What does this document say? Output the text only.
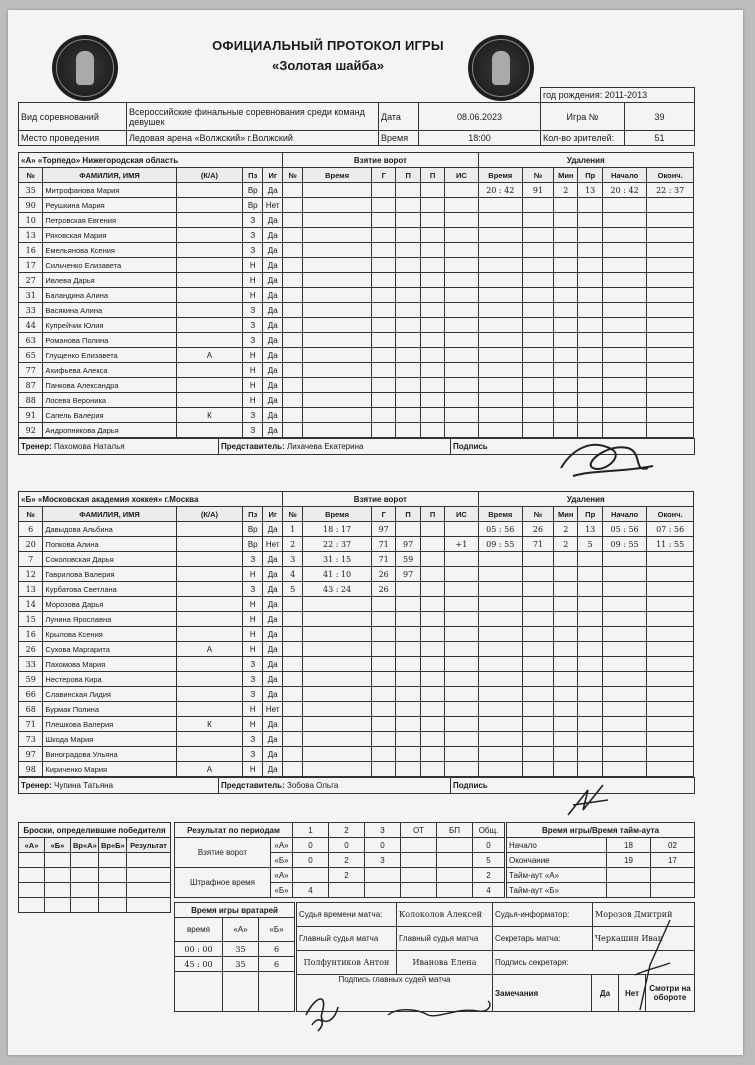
ОФИЦИАЛЬНЫЙ ПРОТОКОЛ ИГРЫ
«Золотая шайба»
				год рождения: 2011-2013	
Вид соревнований	Всероссийские финальные соревнования среди команд девушек	Дата	08.06.2023	Игра №	39
Место проведения	Ледовая арена «Волжский» г.Волжский	Время	18:00	Кол-во зрителей:	51
«А» «Торпедо» Нижегородская область					Взятие ворот						Удаления					
№	ФАМИЛИЯ, ИМЯ	(К/А)	Пз	Иг	№	Время	Г	П	П	ИС	Время	№	Мин	Пр	Начало	Оконч.
35	Митрофанова Мария		Вр	Да							20 : 42	91	2	13	20 : 42	22 : 37
90	Реушкина Мария		Вр	Нет												
10	Петровская Евгения		З	Да												
13	Ряховская Мария		З	Да												
16	Емельянова Ксения		З	Да												
17	Сильченко Елизавета		Н	Да												
27	Ивлева Дарья		Н	Да												
31	Баландина Алина		Н	Да												
33	Васякина Алина		З	Да												
44	Купрейчик Юлия		З	Да												
63	Романова Полина		З	Да												
65	Глущенко Елизавета	А	Н	Да												
77	Ахифьева Алекса		Н	Да												
87	Панкова Александра		Н	Да												
88	Лосева Вероника		Н	Да												
91	Сапель Валерия	К	З	Да												
92	Андропникова Дарья		З	Да												
Тренер: Пахомова Наталья	Представитель: Лихачева Екатерина	Подпись
«Б» «Московская академия хоккея» г.Москва					Взятие ворот						Удаления					
№	ФАМИЛИЯ, ИМЯ	(К/А)	Пз	Иг	№	Время	Г	П	П	ИС	Время	№	Мин	Пр	Начало	Оконч.
6	Давыдова Альбина		Вр	Да	1	18 : 17	97				05 : 56	26	2	13	05 : 56	07 : 56
20	Попкова Алина		Вр	Нет	2	22 : 37	71	97		+1	09 : 55	71	2	5	09 : 55	11 : 55
7	Соколовская Дарья		З	Да	3	31 : 15	71	59								
12	Гаврилова Валерия		Н	Да	4	41 : 10	26	97								
13	Курбатова Светлана		З	Да	5	43 : 24	26									
14	Морозова Дарья		Н	Да												
15	Лунина Ярославна		Н	Да												
16	Крылова Ксения		Н	Да												
26	Сухова Маргарита	А	Н	Да												
33	Пахомова Мария		З	Да												
59	Нестерова Кира		З	Да												
66	Славинская Лидия		З	Да												
68	Бурмак Полина		Н	Нет												
71	Плешкова Валерия	К	Н	Да												
73	Шкода Мария		З	Да												
97	Виноградова Ульяна		З	Да												
98	Кириченко Мария	А	Н	Да												
Тренер: Чупина Татьяна	Представитель: Зобова Ольга	Подпись
Броски, определившие победителя				
«А»	«Б»	Вр«А»	Вр«Б»	Результат

Результат по периодам		1	2	3	ОТ	БП	Общ.
Взятие ворот	«А»	0	0	0			0
	«Б»	0	2	3			5
Штрафное время	«А»		2				2
	«Б»	4					4
Время игры/Время тайм-аута		
Начало	18	02
Окончание	19	17
Тайм-аут «А»		
Тайм-аут «Б»		
Время игры вратарей		
время	«А»	«Б»
00 : 00	35	6
45 : 00	35	6

Судья времени матча:	Колоколов Алексей	Судья-информатор:	Морозов Дмитрий
Главный судья матча	Главный судья матча	Секретарь матча:	Черкашин Иван
Полфунтиков Антон	Иванова Елена	Подпись секретаря:
Подпись главных судей матча	
Замечания	Да	Нет	Смотри на обороте
